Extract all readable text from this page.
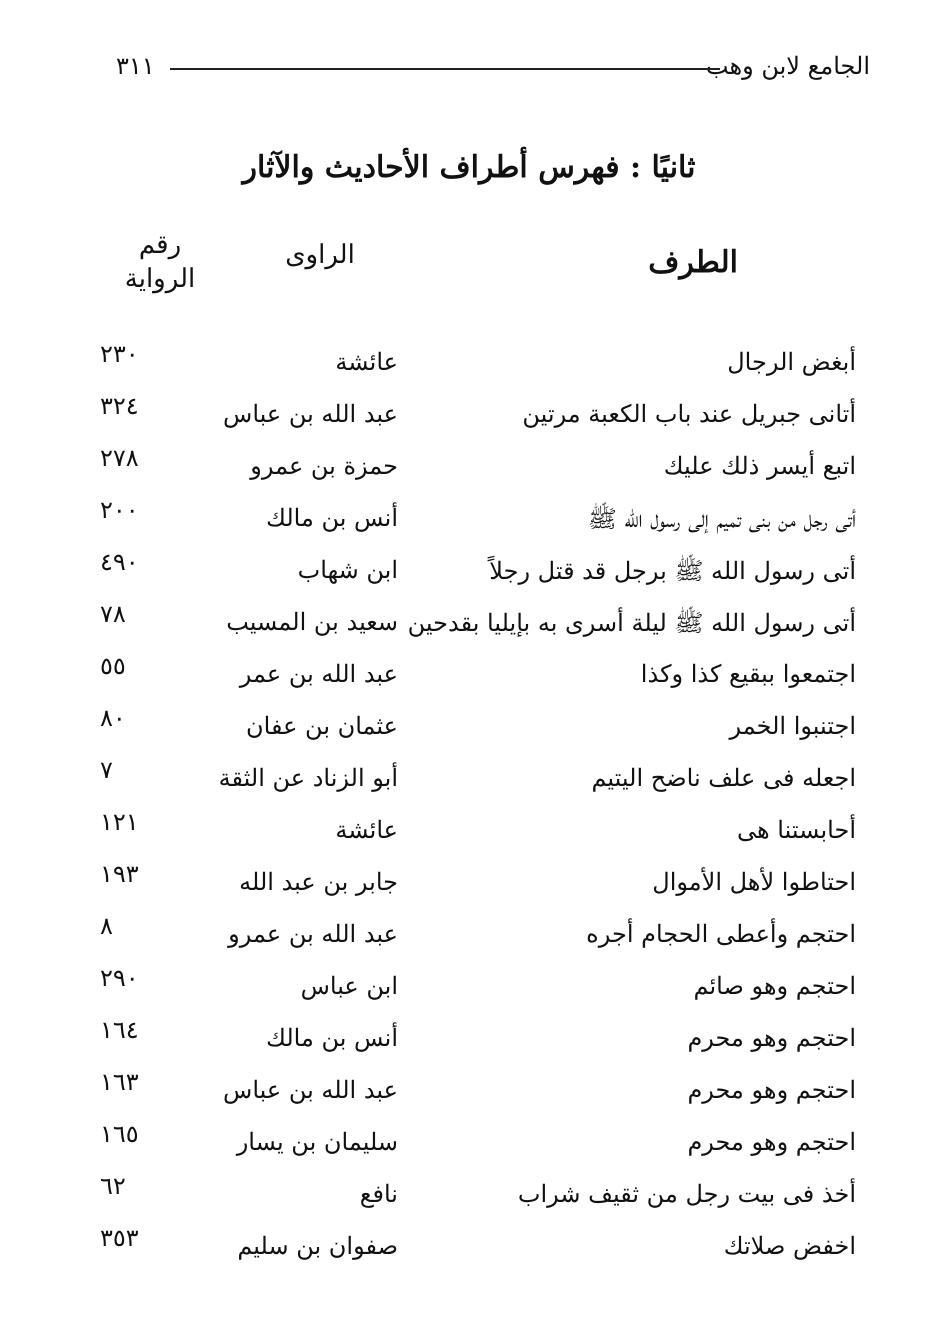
الجامع لابن وهب
٣١١
ثانيًا : فهرس أطراف الأحاديث والآثار
الطرف
الراوى
رقم
الرواية
أبغض الرجال
عائشة
٢٣٠
أتانى جبريل عند باب الكعبة مرتين
عبد الله بن عباس
٣٢٤
اتبع أيسر ذلك عليك
حمزة بن عمرو
٢٧٨
أتى رجل من بنى تميم إلى رسول الله ﷺ
أنس بن مالك
٢٠٠
أتى رسول الله ﷺ برجل قد قتل رجلاً
ابن شهاب
٤٩٠
أتى رسول الله ﷺ ليلة أسرى به بإيليا بقدحين
سعيد بن المسيب
٧٨
اجتمعوا ببقيع كذا وكذا
عبد الله بن عمر
٥٥
اجتنبوا الخمر
عثمان بن عفان
٨٠
اجعله فى علف ناضح اليتيم
أبو الزناد عن الثقة
٧
أحابستنا هى
عائشة
١٢١
احتاطوا لأهل الأموال
جابر بن عبد الله
١٩٣
احتجم وأعطى الحجام أجره
عبد الله بن عمرو
٨
احتجم وهو صائم
ابن عباس
٢٩٠
احتجم وهو محرم
أنس بن مالك
١٦٤
احتجم وهو محرم
عبد الله بن عباس
١٦٣
احتجم وهو محرم
سليمان بن يسار
١٦٥
أخذ فى بيت رجل من ثقيف شراب
نافع
٦٢
اخفض صلاتك
صفوان بن سليم
٣٥٣
